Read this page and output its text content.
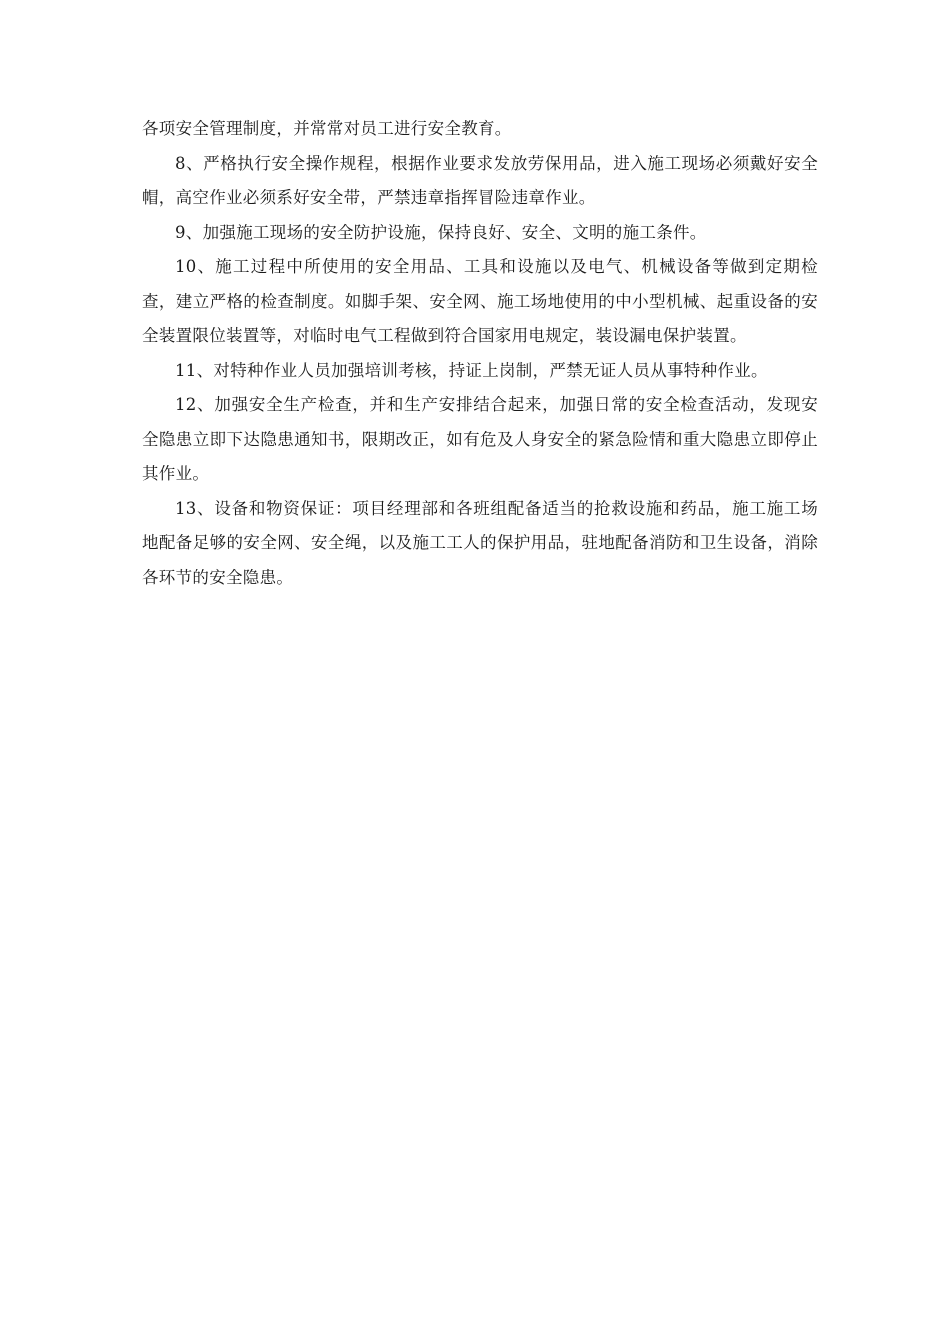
各项安全管理制度，并常常对员工进行安全教育。

8、严格执行安全操作规程，根据作业要求发放劳保用品，进入施工现场必须戴好安全帽，高空作业必须系好安全带，严禁违章指挥冒险违章作业。

9、加强施工现场的安全防护设施，保持良好、安全、文明的施工条件。

10、施工过程中所使用的安全用品、工具和设施以及电气、机械设备等做到定期检查，建立严格的检查制度。如脚手架、安全网、施工场地使用的中小型机械、起重设备的安全装置限位装置等，对临时电气工程做到符合国家用电规定，装设漏电保护装置。

11、对特种作业人员加强培训考核，持证上岗制，严禁无证人员从事特种作业。

12、加强安全生产检查，并和生产安排结合起来，加强日常的安全检查活动，发现安全隐患立即下达隐患通知书，限期改正，如有危及人身安全的紧急险情和重大隐患立即停止其作业。

13、设备和物资保证：项目经理部和各班组配备适当的抢救设施和药品，施工施工场地配备足够的安全网、安全绳，以及施工工人的保护用品，驻地配备消防和卫生设备，消除各环节的安全隐患。
